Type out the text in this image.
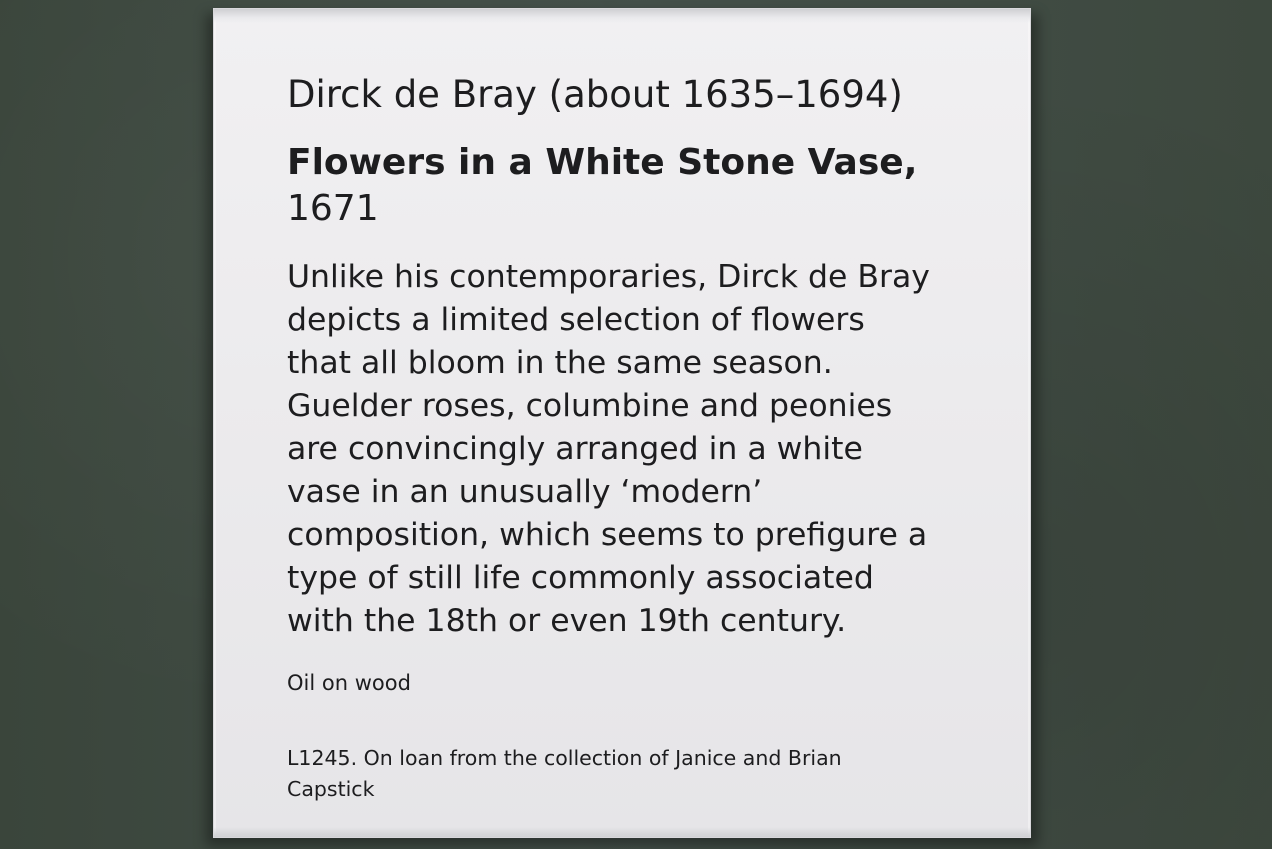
Dirck de Bray (about 1635–1694)

Flowers in a White Stone Vase,

1671

Unlike his contemporaries, Dirck de Bray
depicts a limited selection of flowers
that all bloom in the same season.
Guelder roses, columbine and peonies
are convincingly arranged in a white
vase in an unusually ‘modern’
composition, which seems to prefigure a
type of still life commonly associated
with the 18th or even 19th century.

Oil on wood

L1245. On loan from the collection of Janice and Brian
Capstick
